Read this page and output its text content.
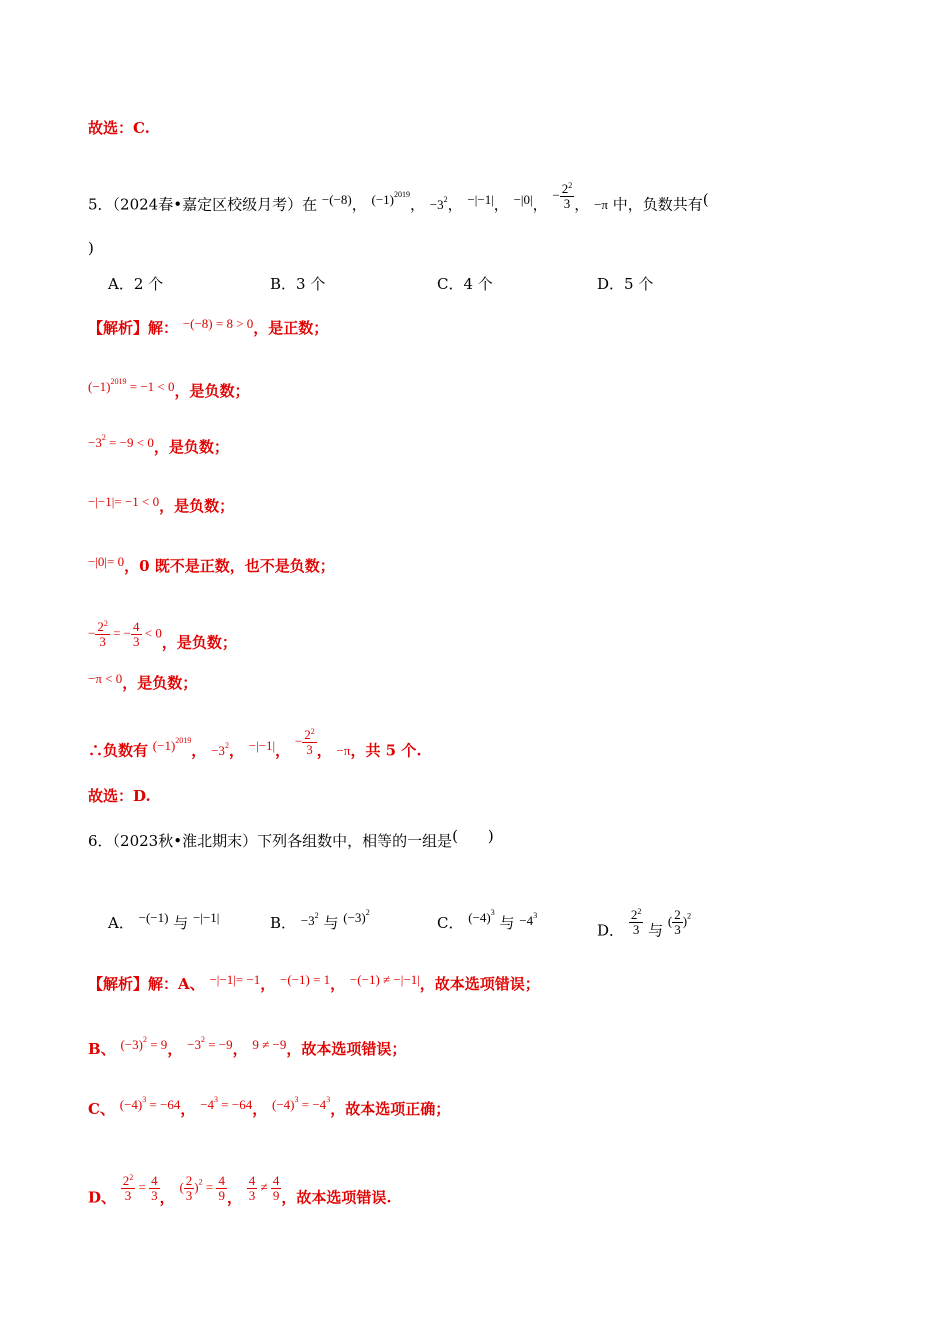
故选：C.
5．（2024春•嘉定区校级月考）在 −(−8)， $(-1)^{2019}$， $-3^2$， −|−1|， −|0|， − $\frac{2^2}{3}$ ， −π 中，负数共有(
)
A．2 个	B．3 个	C．4 个	D．5 个
【解析】解： −(−8) = 8 > 0，是正数；
$(-1)^{2019} = -1 < 0$，是负数；
$-3^2 = -9 < 0$，是负数；
−|−1|= −1 < 0，是负数；
−|0|= 0，0 既不是正数，也不是负数；
− $\frac{2^2}{3}$ = − $\frac{4}{3} < 0$，是负数；
−π < 0，是负数；
∴负数有 $(-1)^{2019}$， $-3^2$， −|−1|， − $\frac{2^2}{3}$ ， −π，共 5 个.
故选：D.
6．（2023秋•淮北期末）下列各组数中，相等的一组是(　　)
A． −(−1) 与 −|−1|	B． $-3^2$ 与 $(-3)^2$
C． $(-4)^3$ 与 $-4^3$
D． $\frac{2^2}{3}$ 与 ( $\frac{2}{3} )^2$
【解析】解：A、 −|−1|= −1， −(−1) = 1， −(−1) ≠ −|−1|，故本选项错误；
B、 $(-3)^2 = 9$， $-3^2 = -9$， 9 ≠ −9，故本选项错误；
C、 $(-4)^3 = -64$， $-4^3 = -64$， $(-4)^3 = -4^3$，故本选项正确；
D、 $\frac{2^2}{3} = \frac{4}{3}$ ， ( $\frac{2}{3} )^2 = \frac{4}{9}$ ， $\frac{4}{3} \ne \frac{4}{9}$ ，故本选项错误.
